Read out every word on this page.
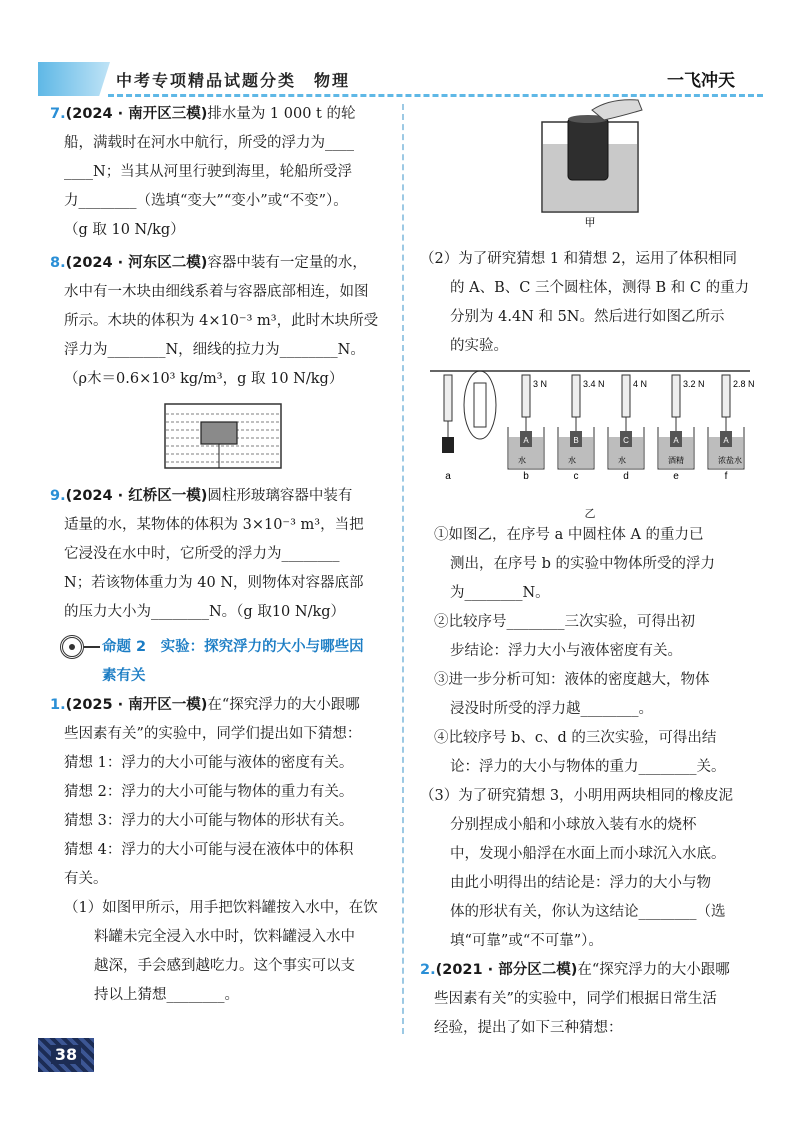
中考专项精品试题分类　物理	一飞冲天
7.(2024 · 南开区三模)排水量为 1 000 t 的轮
船，满载时在河水中航行，所受的浮力为____
____N；当其从河里行驶到海里，轮船所受浮
力________（选填“变大”“变小”或“不变”）。
（g 取 10 N/kg）
8.(2024 · 河东区二模)容器中装有一定量的水，
水中有一木块由细线系着与容器底部相连，如图
所示。木块的体积为 4×10⁻³ m³，此时木块所受
浮力为________N，细线的拉力为________N。
（ρ木＝0.6×10³ kg/m³，g 取 10 N/kg）
9.(2024 · 红桥区一模)圆柱形玻璃容器中装有
适量的水，某物体的体积为 3×10⁻³ m³，当把
它浸没在水中时，它所受的浮力为________
N；若该物体重力为 40 N，则物体对容器底部
的压力大小为________N。（g 取10 N/kg）
命题 2　实验：探究浮力的大小与哪些因
素有关
1.(2025 · 南开区一模)在“探究浮力的大小跟哪
些因素有关”的实验中，同学们提出如下猜想：
猜想 1：浮力的大小可能与液体的密度有关。
猜想 2：浮力的大小可能与物体的重力有关。
猜想 3：浮力的大小可能与物体的形状有关。
猜想 4：浮力的大小可能与浸在液体中的体积
有关。
（1）如图甲所示，用手把饮料罐按入水中，在饮
料罐未完全浸入水中时，饮料罐浸入水中
越深，手会感到越吃力。这个事实可以支
持以上猜想________。
甲
（2）为了研究猜想 1 和猜想 2，运用了体积相同
的 A、B、C 三个圆柱体，测得 B 和 C 的重力
分别为 4.4N 和 5N。然后进行如图乙所示
的实验。
a
3 N
A
水
b
3.4 N
B
水
c
4 N
C
水
d
3.2 N
A
酒精
e
2.8 N
A
浓盐水
f
乙
①如图乙，在序号 a 中圆柱体 A 的重力已
测出，在序号 b 的实验中物体所受的浮力
为________N。
②比较序号________三次实验，可得出初
步结论：浮力大小与液体密度有关。
③进一步分析可知：液体的密度越大，物体
浸没时所受的浮力越________。
④比较序号 b、c、d 的三次实验，可得出结
论：浮力的大小与物体的重力________关。
（3）为了研究猜想 3，小明用两块相同的橡皮泥
分别捏成小船和小球放入装有水的烧杯
中，发现小船浮在水面上而小球沉入水底。
由此小明得出的结论是：浮力的大小与物
体的形状有关，你认为这结论________（选
填“可靠”或“不可靠”）。
2.(2021 · 部分区二模)在“探究浮力的大小跟哪
些因素有关”的实验中，同学们根据日常生活
经验，提出了如下三种猜想：
38
